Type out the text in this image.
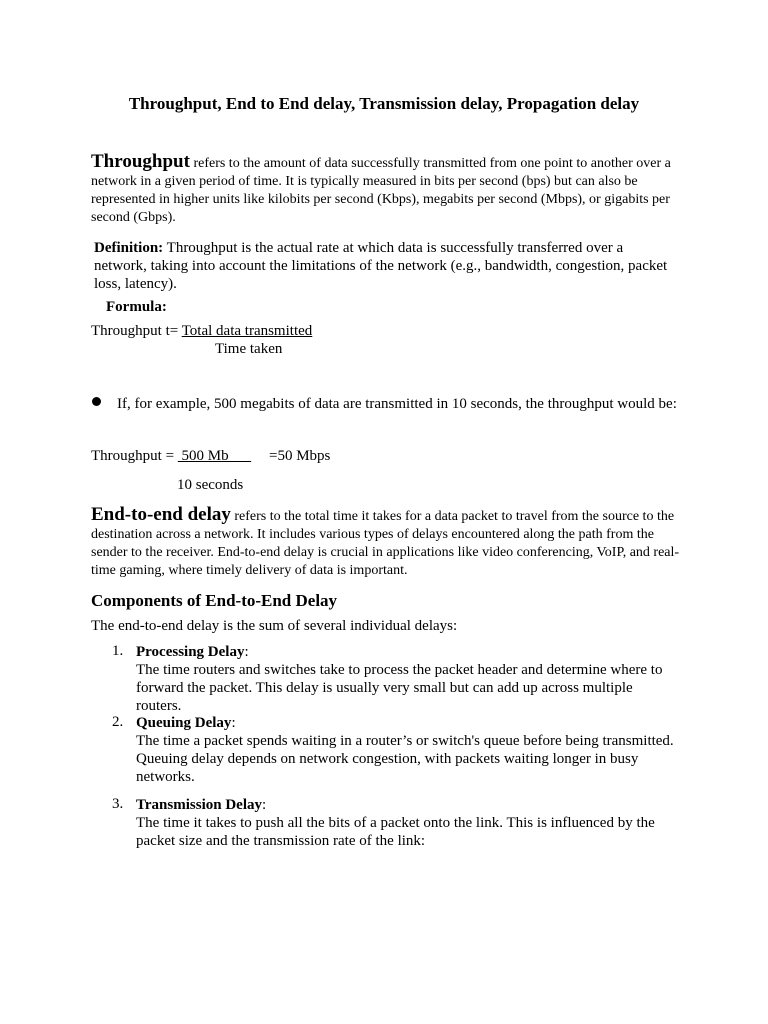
Throughput, End to End delay, Transmission delay, Propagation delay
Throughput refers to the amount of data successfully transmitted from one point to another over a network in a given period of time. It is typically measured in bits per second (bps) but can also be represented in higher units like kilobits per second (Kbps), megabits per second (Mbps), or gigabits per second (Gbps).
Definition: Throughput is the actual rate at which data is successfully transferred over a network, taking into account the limitations of the network (e.g., bandwidth, congestion, packet loss, latency).
Formula:
Throughput t= Total data transmitted
Time taken
If, for example, 500 megabits of data are transmitted in 10 seconds, the throughput would be:
Throughput =  500 Mb =50 Mbps
10 seconds
End-to-end delay refers to the total time it takes for a data packet to travel from the source to the destination across a network. It includes various types of delays encountered along the path from the sender to the receiver. End-to-end delay is crucial in applications like video conferencing, VoIP, and real-time gaming, where timely delivery of data is important.
Components of End-to-End Delay
The end-to-end delay is the sum of several individual delays:
1. Processing Delay:
The time routers and switches take to process the packet header and determine where to forward the packet. This delay is usually very small but can add up across multiple routers.
2. Queuing Delay:
The time a packet spends waiting in a router’s or switch's queue before being transmitted. Queuing delay depends on network congestion, with packets waiting longer in busy networks.
3. Transmission Delay:
The time it takes to push all the bits of a packet onto the link. This is influenced by the packet size and the transmission rate of the link:
